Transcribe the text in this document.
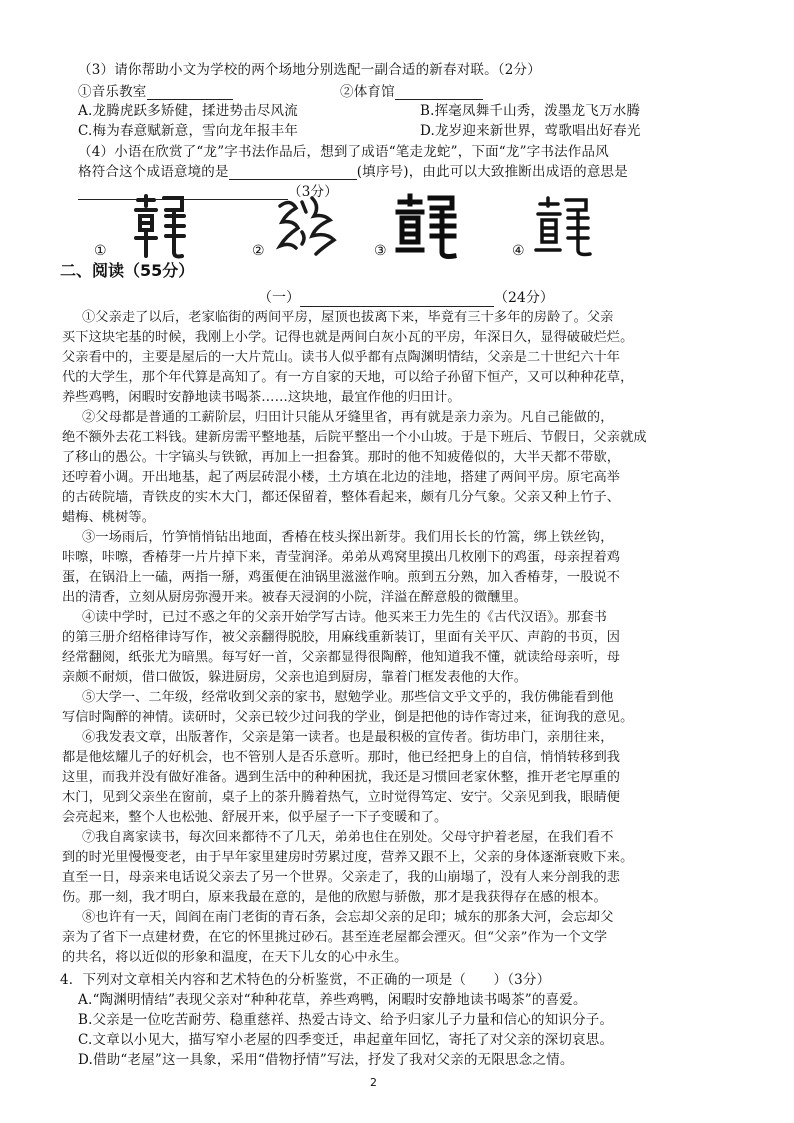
（3）请你帮助小文为学校的两个场地分别选配一副合适的新春对联。（2分）
①音乐教室	②体育馆
A.龙腾虎跃多矫健，揉进势击尽风流	B.挥毫凤舞千山秀，泼墨龙飞万水腾
C.梅为春意赋新意，雪向龙年报丰年	D.龙岁迎来新世界，莺歌唱出好春光
（4）小语在欣赏了“龙”字书法作品后，想到了成语“笔走龙蛇”，下面“龙”字书法作品风
格符合这个成语意境的是	(填序号)，由此可以大致推断出成语的意思是
（3分）
①	②	③	④
二、阅读（55分）
（一）	（24分）
①父亲走了以后，老家临街的两间平房，屋顶也拔离下来，毕竟有三十多年的房龄了。父亲
买下这块宅基的时候，我刚上小学。记得也就是两间白灰小瓦的平房，年深日久，显得破破烂烂。
父亲看中的，主要是屋后的一大片荒山。读书人似乎都有点陶渊明情结，父亲是二十世纪六十年
代的大学生，那个年代算是高知了。有一方自家的天地，可以给子孙留下恒产，又可以种种花草，
养些鸡鸭，闲暇时安静地读书喝茶……这块地，最宜作他的归田计。
②父母都是普通的工薪阶层，归田计只能从牙缝里省，再有就是亲力亲为。凡自己能做的，
绝不额外去花工料钱。建新房需平整地基，后院平整出一个小山坡。于是下班后、节假日，父亲就成
了移山的愚公。十字镐头与铁锨，再加上一担畚箕。那时的他不知疲倦似的，大半天都不带歇，
还哼着小调。开出地基，起了两层砖混小楼，土方填在北边的洼地，搭建了两间平房。原宅高举
的古砖院墙，青铁皮的实木大门，都还保留着，整体看起来，颇有几分气象。父亲又种上竹子、
蜡梅、桃树等。
③一场雨后，竹笋悄悄钻出地面，香椿在枝头探出新芽。我们用长长的竹篙，绑上铁丝钩，
咔嚓，咔嚓，香椿芽一片片掉下来，青莹润泽。弟弟从鸡窝里摸出几枚刚下的鸡蛋，母亲捏着鸡
蛋，在锅沿上一磕，两指一掰，鸡蛋便在油锅里滋滋作响。煎到五分熟，加入香椿芽，一股说不
出的清香，立刻从厨房弥漫开来。被春天浸润的小院，洋溢在醉意般的微醺里。
④读中学时，已过不惑之年的父亲开始学写古诗。他买来王力先生的《古代汉语》。那套书
的第三册介绍格律诗写作，被父亲翻得脱胶，用麻线重新装订，里面有关平仄、声韵的书页，因
经常翻阅，纸张尤为暗黑。每写好一首，父亲都显得很陶醉，他知道我不懂，就读给母亲听，母
亲颇不耐烦，借口做饭，躲进厨房，父亲也追到厨房，靠着门框发表他的大作。
⑤大学一、二年级，经常收到父亲的家书，慰勉学业。那些信文乎文乎的，我仿佛能看到他
写信时陶醉的神情。读研时，父亲已较少过问我的学业，倒是把他的诗作寄过来，征询我的意见。
⑥我发表文章，出版著作，父亲是第一读者。也是最积极的宣传者。街坊串门，亲朋往来，
都是他炫耀儿子的好机会，也不管别人是否乐意听。那时，他已经把身上的自信，悄悄转移到我
这里，而我并没有做好准备。遇到生活中的种种困扰，我还是习惯回老家休整，推开老宅厚重的
木门，见到父亲坐在窗前，桌子上的茶升腾着热气，立时觉得笃定、安宁。父亲见到我，眼睛便
会亮起来，整个人也松弛、舒展开来，似乎屋子一下子变暖和了。
⑦我自离家读书，每次回来都待不了几天，弟弟也住在别处。父母守护着老屋，在我们看不
到的时光里慢慢变老，由于早年家里建房时劳累过度，营养又跟不上，父亲的身体逐渐衰败下来。
直至一日，母亲来电话说父亲去了另一个世界。父亲走了，我的山崩塌了，没有人来分剖我的悲
伤。那一刻，我才明白，原来我最在意的，是他的欣慰与骄傲，那才是我获得存在感的根本。
⑧也许有一天，闾阎在南门老街的青石条，会忘却父亲的足印；城东的那条大河，会忘却父
亲为了省下一点建材费，在它的怀里挑过砂石。甚至连老屋都会湮灭。但“父亲”作为一个文学
的共名，将以近似的形象和温度，在天下儿女的心中永生。
4．下列对文章相关内容和艺术特色的分析鉴赏，不正确的一项是（　　）（3分）
A.“陶渊明情结”表现父亲对“种种花草，养些鸡鸭，闲暇时安静地读书喝茶”的喜爱。
B.父亲是一位吃苦耐劳、稳重慈祥、热爱古诗文、给予归家儿子力量和信心的知识分子。
C.文章以小见大，描写窄小老屋的四季变迁，串起童年回忆，寄托了对父亲的深切哀思。
D.借助“老屋”这一具象，采用“借物抒情”写法，抒发了我对父亲的无限思念之情。
2
